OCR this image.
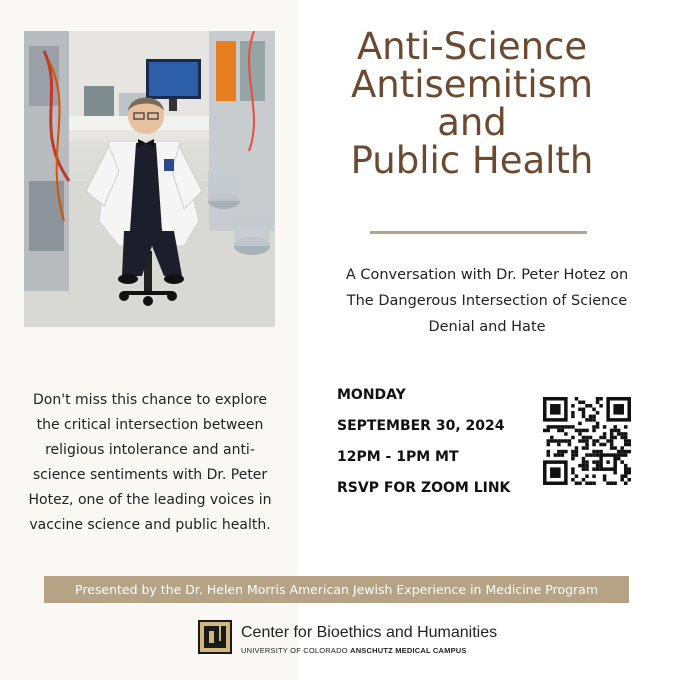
Anti-Science
Antisemitism
and
Public Health
A Conversation with Dr. Peter Hotez on
The Dangerous Intersection of Science
Denial and Hate
Don't miss this chance to explore
the critical intersection between
religious intolerance and anti-
science sentiments with Dr. Peter
Hotez, one of the leading voices in
vaccine science and public health.
MONDAY
SEPTEMBER 30, 2024
12PM - 1PM MT
RSVP FOR ZOOM LINK
Presented by the Dr. Helen Morris American Jewish Experience in Medicine Program
Center for Bioethics and Humanities
UNIVERSITY OF COLORADO ANSCHUTZ MEDICAL CAMPUS
